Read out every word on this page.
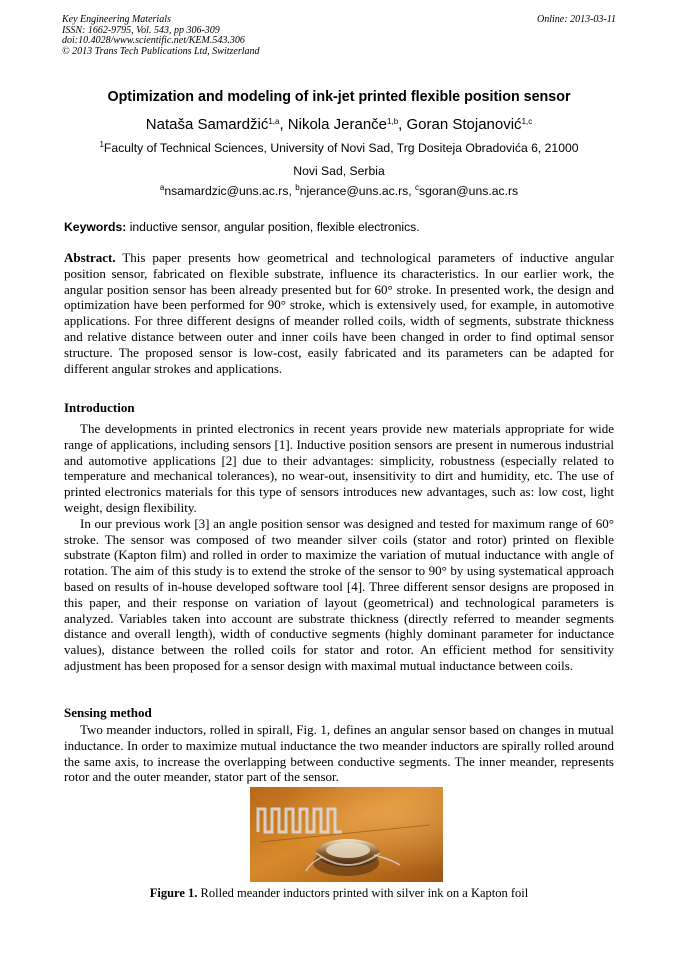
Key Engineering Materials
ISSN: 1662-9795, Vol. 543, pp 306-309
doi:10.4028/www.scientific.net/KEM.543.306
© 2013 Trans Tech Publications Ltd, Switzerland
Online: 2013-03-11
Optimization and modeling of ink-jet printed flexible position sensor
Nataša Samardžić$^{1,a}$, Nikola Jeranče$^{1,b}$, Goran Stojanović$^{1,c}$
$^1$Faculty of Technical Sciences, University of Novi Sad, Trg Dositeja Obradovića 6, 21000
Novi Sad, Serbia
$^a$nsamardzic@uns.ac.rs, $^b$njerance@uns.ac.rs, $^c$sgoran@uns.ac.rs
Keywords: inductive sensor, angular position, flexible electronics.
Abstract. This paper presents how geometrical and technological parameters of inductive angular position sensor, fabricated on flexible substrate, influence its characteristics. In our earlier work, the angular position sensor has been already presented but for 60° stroke. In presented work, the design and optimization have been performed for 90° stroke, which is extensively used, for example, in automotive applications. For three different designs of meander rolled coils, width of segments, substrate thickness and relative distance between outer and inner coils have been changed in order to find optimal sensor structure. The proposed sensor is low-cost, easily fabricated and its parameters can be adapted for different angular strokes and applications.
Introduction

The developments in printed electronics in recent years provide new materials appropriate for wide range of applications, including sensors [1]. Inductive position sensors are present in numerous industrial and automotive applications [2] due to their advantages: simplicity, robustness (especially related to temperature and mechanical tolerances), no wear-out, insensitivity to dirt and humidity, etc. The use of printed electronics materials for this type of sensors introduces new advantages, such as: low cost, light weight, design flexibility.

In our previous work [3] an angle position sensor was designed and tested for maximum range of 60° stroke. The sensor was composed of two meander silver coils (stator and rotor) printed on flexible substrate (Kapton film) and rolled in order to maximize the variation of mutual inductance with angle of rotation. The aim of this study is to extend the stroke of the sensor to 90° by using systematical approach based on results of in-house developed software tool [4]. Three different sensor designs are proposed in this paper, and their response on variation of layout (geometrical) and technological parameters is analyzed. Variables taken into account are substrate thickness (directly referred to meander segments distance and overall length), width of conductive segments (highly dominant parameter for inductance values), distance between the rolled coils for stator and rotor. An efficient method for sensitivity adjustment has been proposed for a sensor design with maximal mutual inductance between coils.

Sensing method
Two meander inductors, rolled in spirall, Fig. 1, defines an angular sensor based on changes in mutual inductance. In order to maximize mutual inductance the two meander inductors are spirally rolled around the same axis, to increase the overlapping between conductive segments. The inner meander, represents rotor and the outer meander, stator part of the sensor.
Figure 1. Rolled meander inductors printed with silver ink on a Kapton foil
